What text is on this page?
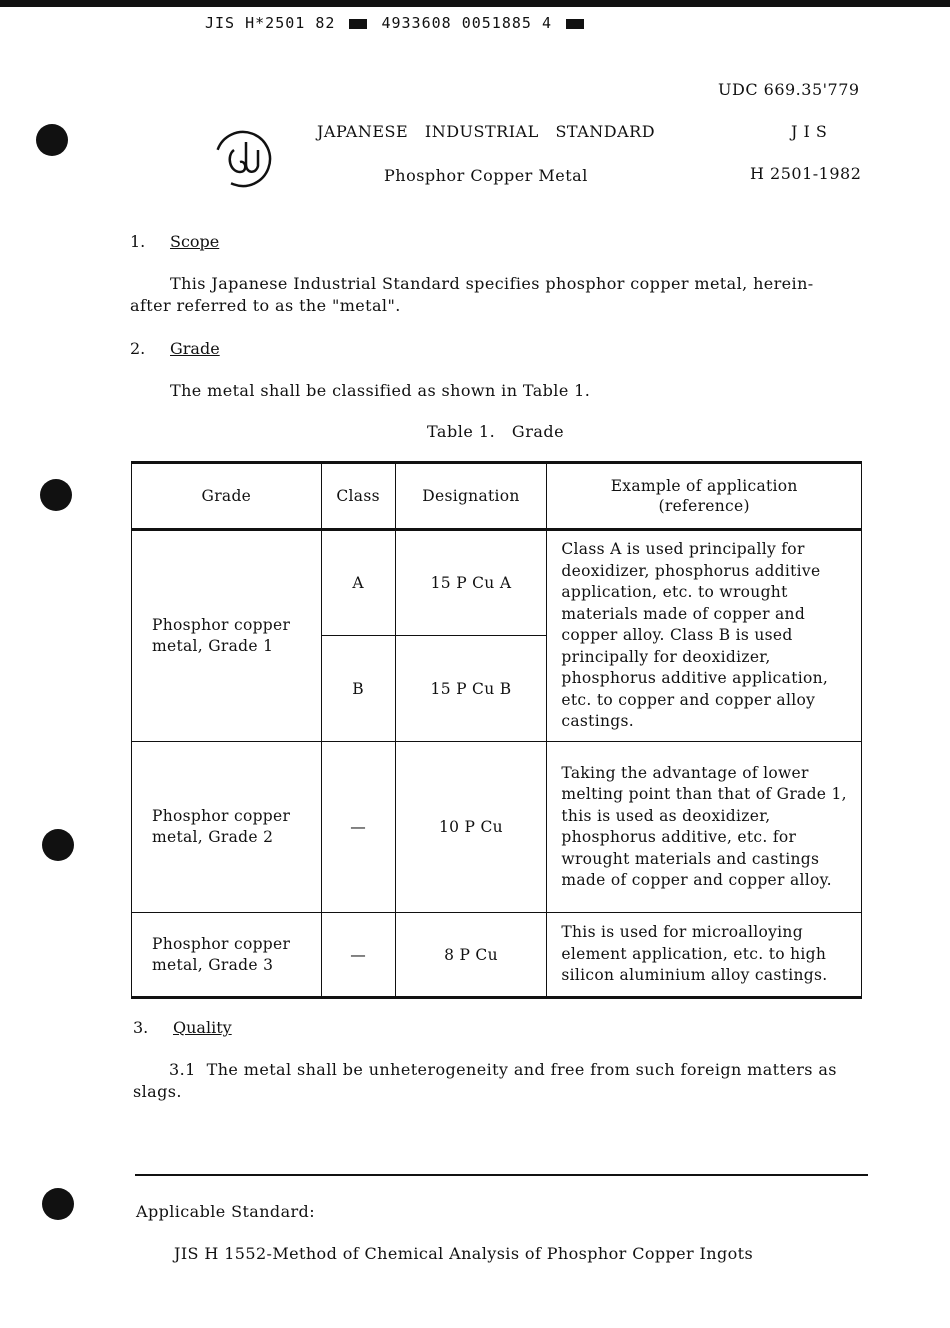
JIS H*2501 82	4933608 0051885 4
UDC 669.35'779
JAPANESE   INDUSTRIAL   STANDARD	J I S
Phosphor Copper Metal	H 2501-1982
1. Scope
This Japanese Industrial Standard specifies phosphor copper metal, herein-after referred to as the "metal".
2. Grade
The metal shall be classified as shown in Table 1.
Table 1.   Grade
Grade	Class	Designation	Example of application (reference)
Phosphor copper metal, Grade 1	A	15 P Cu A	Class A is used principally for deoxidizer, phosphorus additive application, etc. to wrought materials made of copper and copper alloy. Class B is used principally for deoxidizer, phosphorus additive application, etc. to copper and copper alloy castings.
	B	15 P Cu B	
Phosphor copper metal, Grade 2	—	10 P Cu	Taking the advantage of lower melting point than that of Grade 1, this is used as deoxidizer, phosphorus additive, etc. for wrought materials and castings made of copper and copper alloy.
Phosphor copper metal, Grade 3	—	8 P Cu	This is used for microalloying element application, etc. to high silicon aluminium alloy castings.
3. Quality
3.1  The metal shall be unheterogeneity and free from such foreign matters as slags.
Applicable Standard:
JIS H 1552-Method of Chemical Analysis of Phosphor Copper Ingots
